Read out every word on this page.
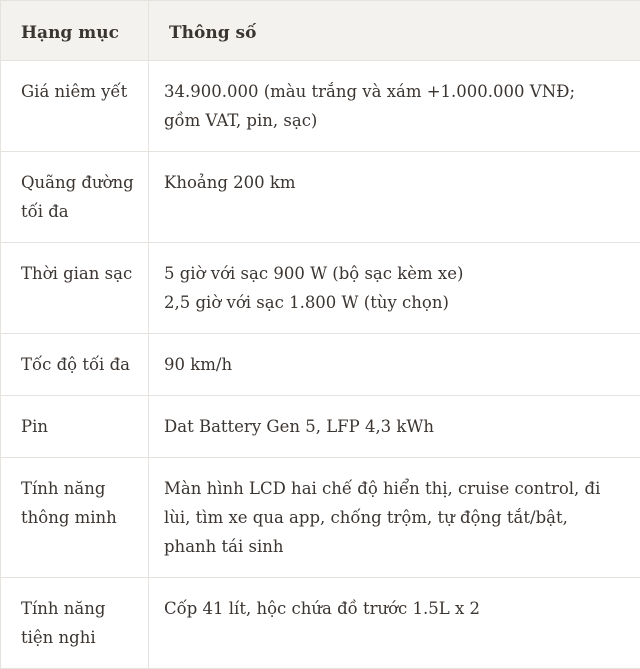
Hạng mục	Thông số
Giá niêm yết	34.900.000 (màu trắng và xám +1.000.000 VNĐ;
gồm VAT, pin, sạc)

Quãng đường tối đa	Khoảng 200 km

Thời gian sạc	5 giờ với sạc 900 W (bộ sạc kèm xe)
2,5 giờ với sạc 1.800 W (tùy chọn)

Tốc độ tối đa	90 km/h

Pin	Dat Battery Gen 5, LFP 4,3 kWh

Tính năng thông minh	Màn hình LCD hai chế độ hiển thị, cruise control, đi
lùi, tìm xe qua app, chống trộm, tự động tắt/bật,
phanh tái sinh

Tính năng tiện nghi	Cốp 41 lít, hộc chứa đồ trước 1.5L x 2
